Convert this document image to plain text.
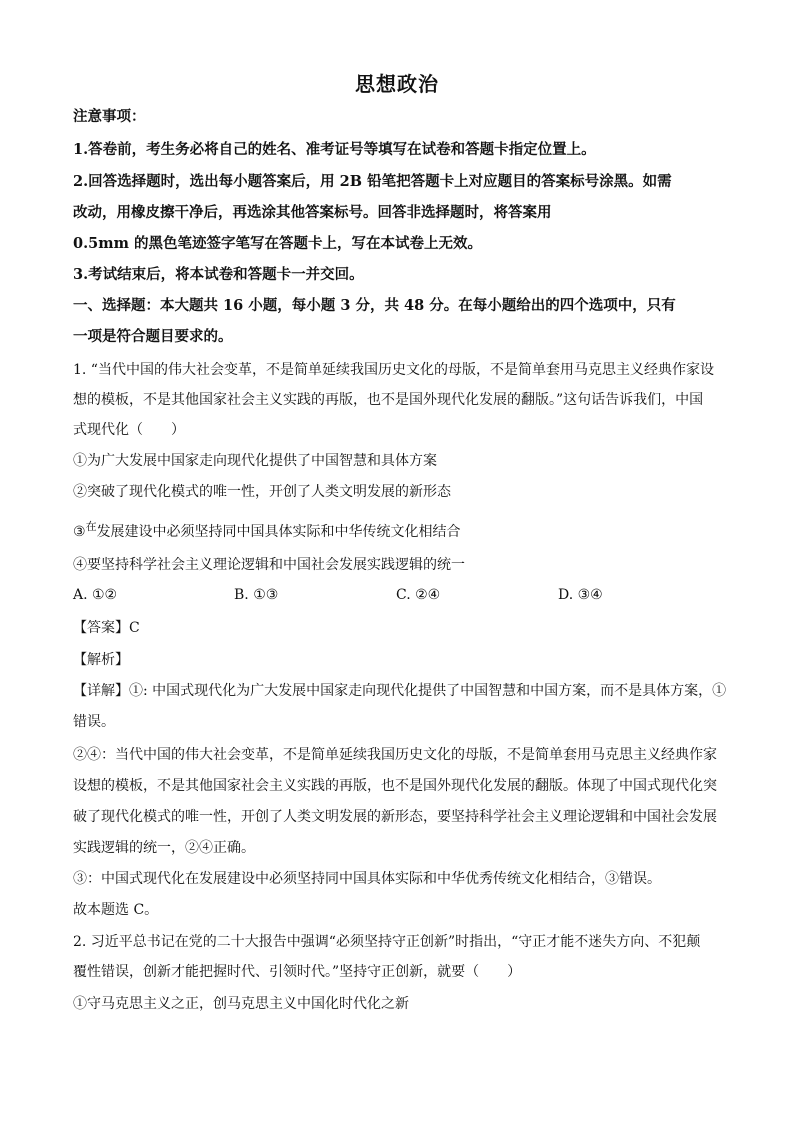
思想政治
注意事项：
1.答卷前，考生务必将自己的姓名、准考证号等填写在试卷和答题卡指定位置上。
2.回答选择题时，选出每小题答案后，用 2B 铅笔把答题卡上对应题目的答案标号涂黑。如需
改动，用橡皮擦干净后，再选涂其他答案标号。回答非选择题时，将答案用
0.5mm 的黑色笔迹签字笔写在答题卡上，写在本试卷上无效。
3.考试结束后，将本试卷和答题卡一并交回。
一、选择题：本大题共 16 小题，每小题 3 分，共 48 分。在每小题给出的四个选项中，只有
一项是符合题目要求的。
1. “当代中国的伟大社会变革，不是简单延续我国历史文化的母版，不是简单套用马克思主义经典作家设
想的模板，不是其他国家社会主义实践的再版，也不是国外现代化发展的翻版。”这句话告诉我们，中国
式现代化（　　）
①为广大发展中国家走向现代化提供了中国智慧和具体方案
②突破了现代化模式的唯一性，开创了人类文明发展的新形态
③$^在$发展建设中必须坚持同中国具体实际和中华传统文化相结合
④要坚持科学社会主义理论逻辑和中国社会发展实践逻辑的统一
A. ①②	B. ①③	C. ②④	D. ③④
【答案】C
【解析】
【详解】①: 中国式现代化为广大发展中国家走向现代化提供了中国智慧和中国方案，而不是具体方案，①
错误。
②④：当代中国的伟大社会变革，不是简单延续我国历史文化的母版，不是简单套用马克思主义经典作家
设想的模板，不是其他国家社会主义实践的再版，也不是国外现代化发展的翻版。体现了中国式现代化突
破了现代化模式的唯一性，开创了人类文明发展的新形态，要坚持科学社会主义理论逻辑和中国社会发展
实践逻辑的统一，②④正确。
③：中国式现代化在发展建设中必须坚持同中国具体实际和中华优秀传统文化相结合，③错误。
故本题选 C。
2. 习近平总书记在党的二十大报告中强调“必须坚持守正创新”时指出，“守正才能不迷失方向、不犯颠
覆性错误，创新才能把握时代、引领时代。”坚持守正创新，就要（　　）
①守马克思主义之正，创马克思主义中国化时代化之新
